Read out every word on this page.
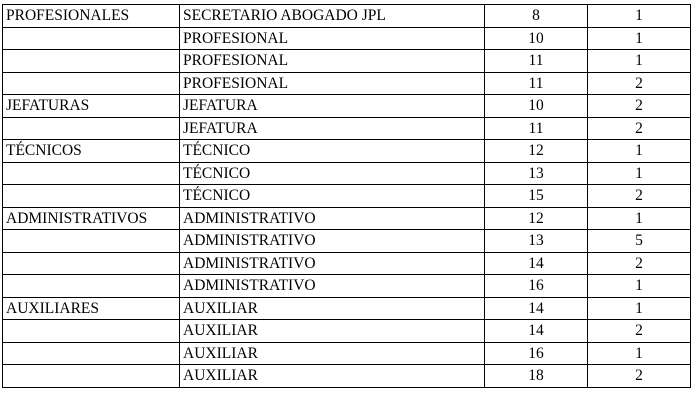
PROFESIONALES	SECRETARIO ABOGADO JPL	8	1
	PROFESIONAL	10	1
	PROFESIONAL	11	1
	PROFESIONAL	11	2
JEFATURAS	JEFATURA	10	2
	JEFATURA	11	2
TÉCNICOS	TÉCNICO	12	1
	TÉCNICO	13	1
	TÉCNICO	15	2
ADMINISTRATIVOS	ADMINISTRATIVO	12	1
	ADMINISTRATIVO	13	5
	ADMINISTRATIVO	14	2
	ADMINISTRATIVO	16	1
AUXILIARES	AUXILIAR	14	1
	AUXILIAR	14	2
	AUXILIAR	16	1
	AUXILIAR	18	2
